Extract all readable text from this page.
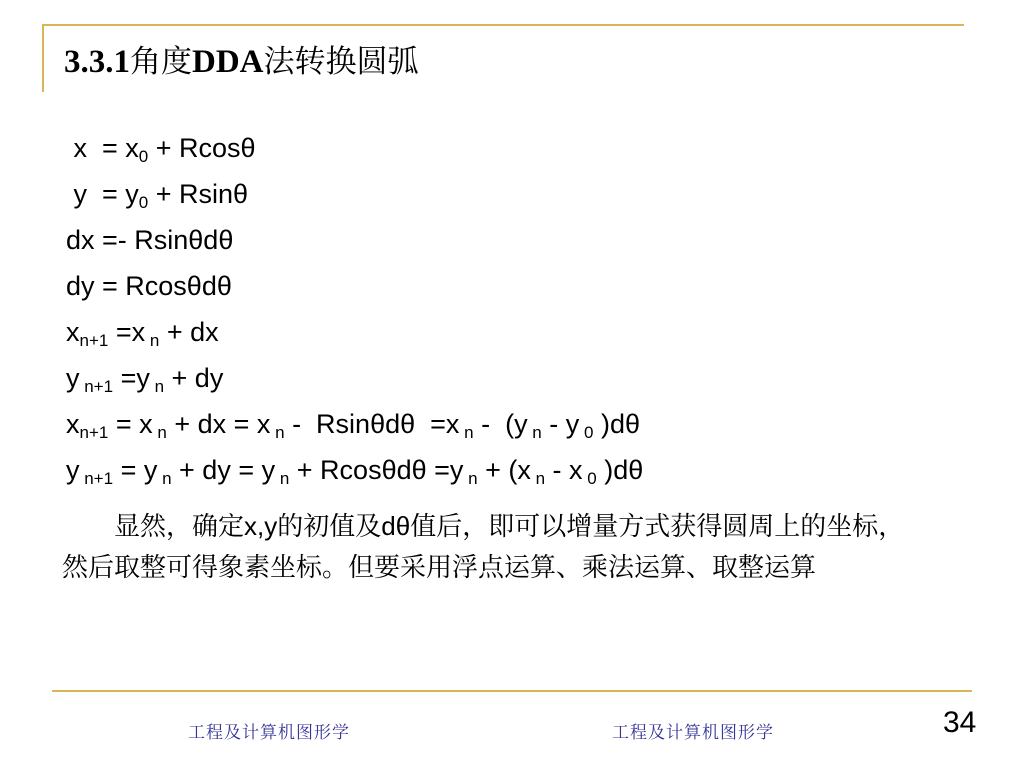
3.3.1角度DDA法转换圆弧
$x = x_0 + Rcos\theta$
$y = y_0 + Rsin\theta$
dx =- Rsinθdθ
dy = Rcosθdθ
$x_{n+1} =x$ $_n$ + dx
y $_{n+1}$ =y $_n$ + dy
$x_{n+1} = x$ $_n$ + dx = x $_n$ -  Rsinθdθ  =x $_n$ -  (y $_n$ - y $_0$ )dθ
y $_{n+1}$ = y $_n$ + dy = y $_n$ + Rcosθdθ =y $_n$ + (x $_n$ - x $_0$ )dθ

显然，确定x,y的初值及dθ值后，即可以增量方式获得圆周上的坐标，然后取整可得象素坐标。但要采用浮点运算、乘法运算、取整运算

工程及计算机图形学	工程及计算机图形学	34
